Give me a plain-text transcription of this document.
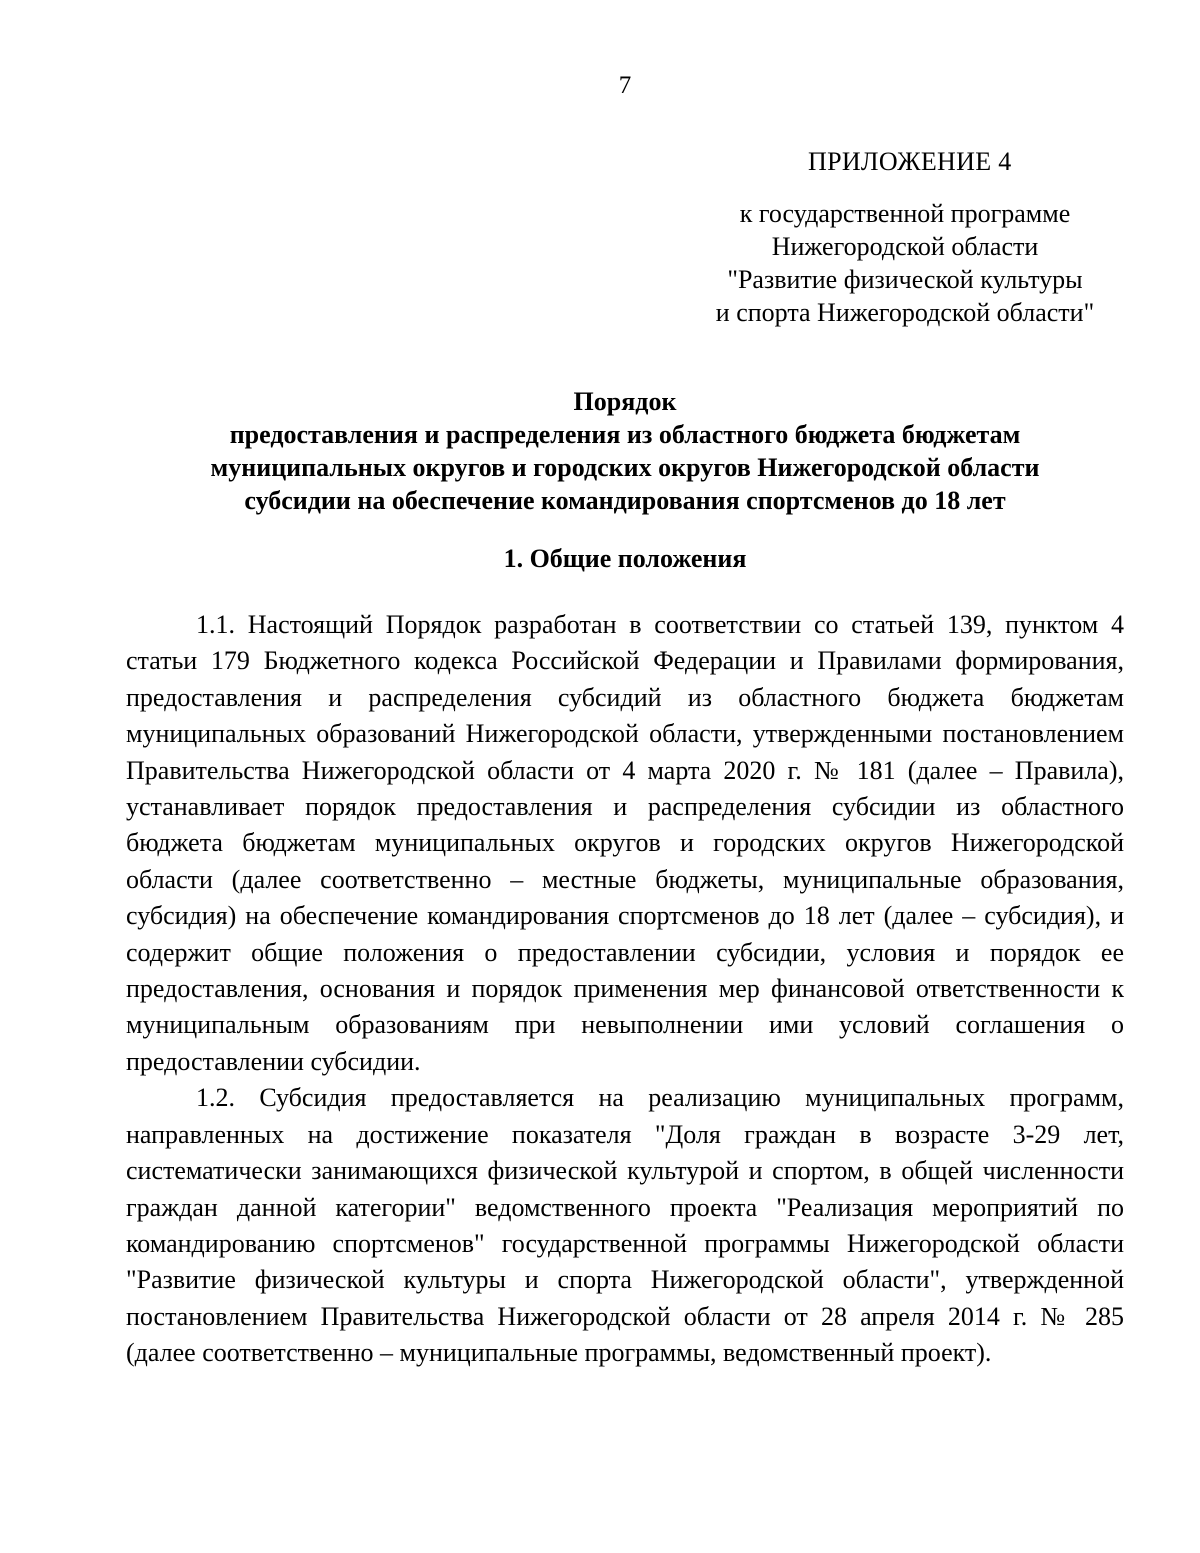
7
ПРИЛОЖЕНИЕ 4
к государственной программе
Нижегородской области
"Развитие физической культуры
и спорта Нижегородской области"
Порядок
предоставления и распределения из областного бюджета бюджетам
муниципальных округов и городских округов Нижегородской области
субсидии на обеспечение командирования спортсменов до 18 лет
1. Общие положения

1.1. Настоящий Порядок разработан в соответствии со статьей 139, пунктом 4 статьи 179 Бюджетного кодекса Российской Федерации и Правилами формирования, предоставления и распределения субсидий из областного бюджета бюджетам муниципальных образований Нижегородской области, утвержденными постановлением Правительства Нижегородской области от 4 марта 2020 г. № 181 (далее – Правила), устанавливает порядок предоставления и распределения субсидии из областного бюджета бюджетам муниципальных округов и городских округов Нижегородской области (далее соответственно – местные бюджеты, муниципальные образования, субсидия) на обеспечение командирования спортсменов до 18 лет (далее – субсидия), и содержит общие положения о предоставлении субсидии, условия и порядок ее предоставления, основания и порядок применения мер финансовой ответственности к муниципальным образованиям при невыполнении ими условий соглашения о предоставлении субсидии.

1.2. Субсидия предоставляется на реализацию муниципальных программ, направленных на достижение показателя "Доля граждан в возрасте 3-29 лет, систематически занимающихся физической культурой и спортом, в общей численности граждан данной категории" ведомственного проекта "Реализация мероприятий по командированию спортсменов" государственной программы Нижегородской области "Развитие физической культуры и спорта Нижегородской области", утвержденной постановлением Правительства Нижегородской области от 28 апреля 2014 г. № 285 (далее соответственно – муниципальные программы, ведомственный проект).
